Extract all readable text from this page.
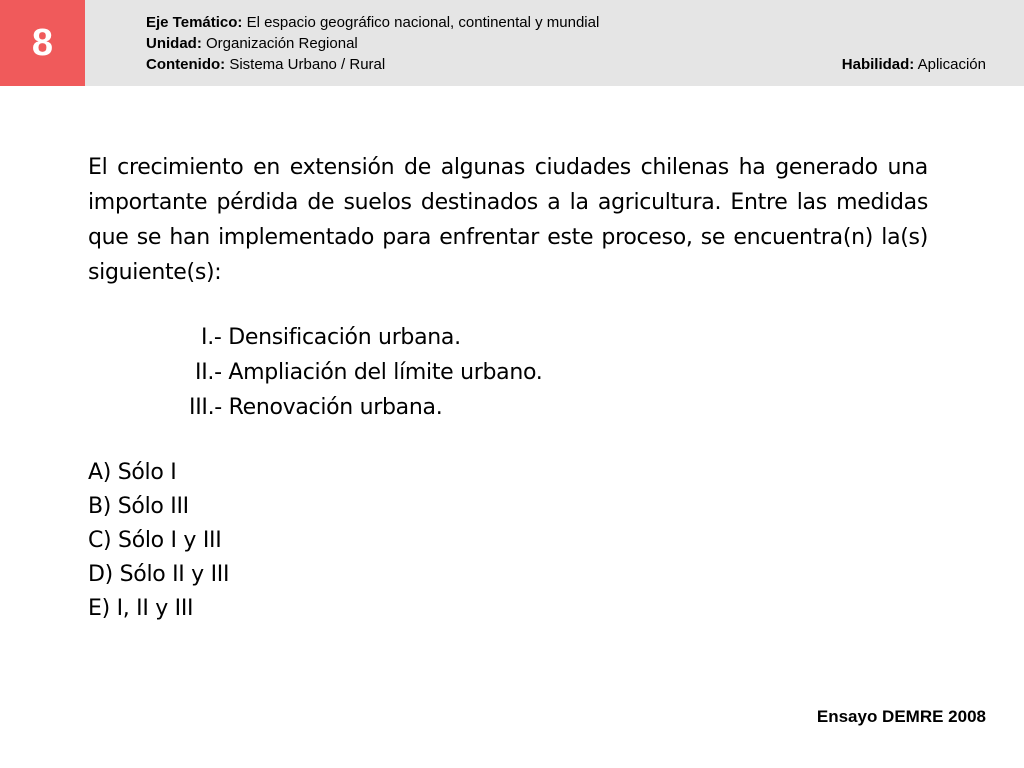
8	Eje Temático: El espacio geográfico nacional, continental y mundial
Unidad: Organización Regional
Contenido: Sistema Urbano / Rural	Habilidad: Aplicación
El crecimiento en extensión de algunas ciudades chilenas ha generado una importante pérdida de suelos destinados a la agricultura. Entre las medidas que se han implementado para enfrentar este proceso, se encuentra(n) la(s) siguiente(s):
I.- Densificación urbana.
II.- Ampliación del límite urbano.
III.- Renovación urbana.
A) Sólo I
B) Sólo III
C) Sólo I y III
D) Sólo II y III
E) I, II y III
Ensayo DEMRE 2008
